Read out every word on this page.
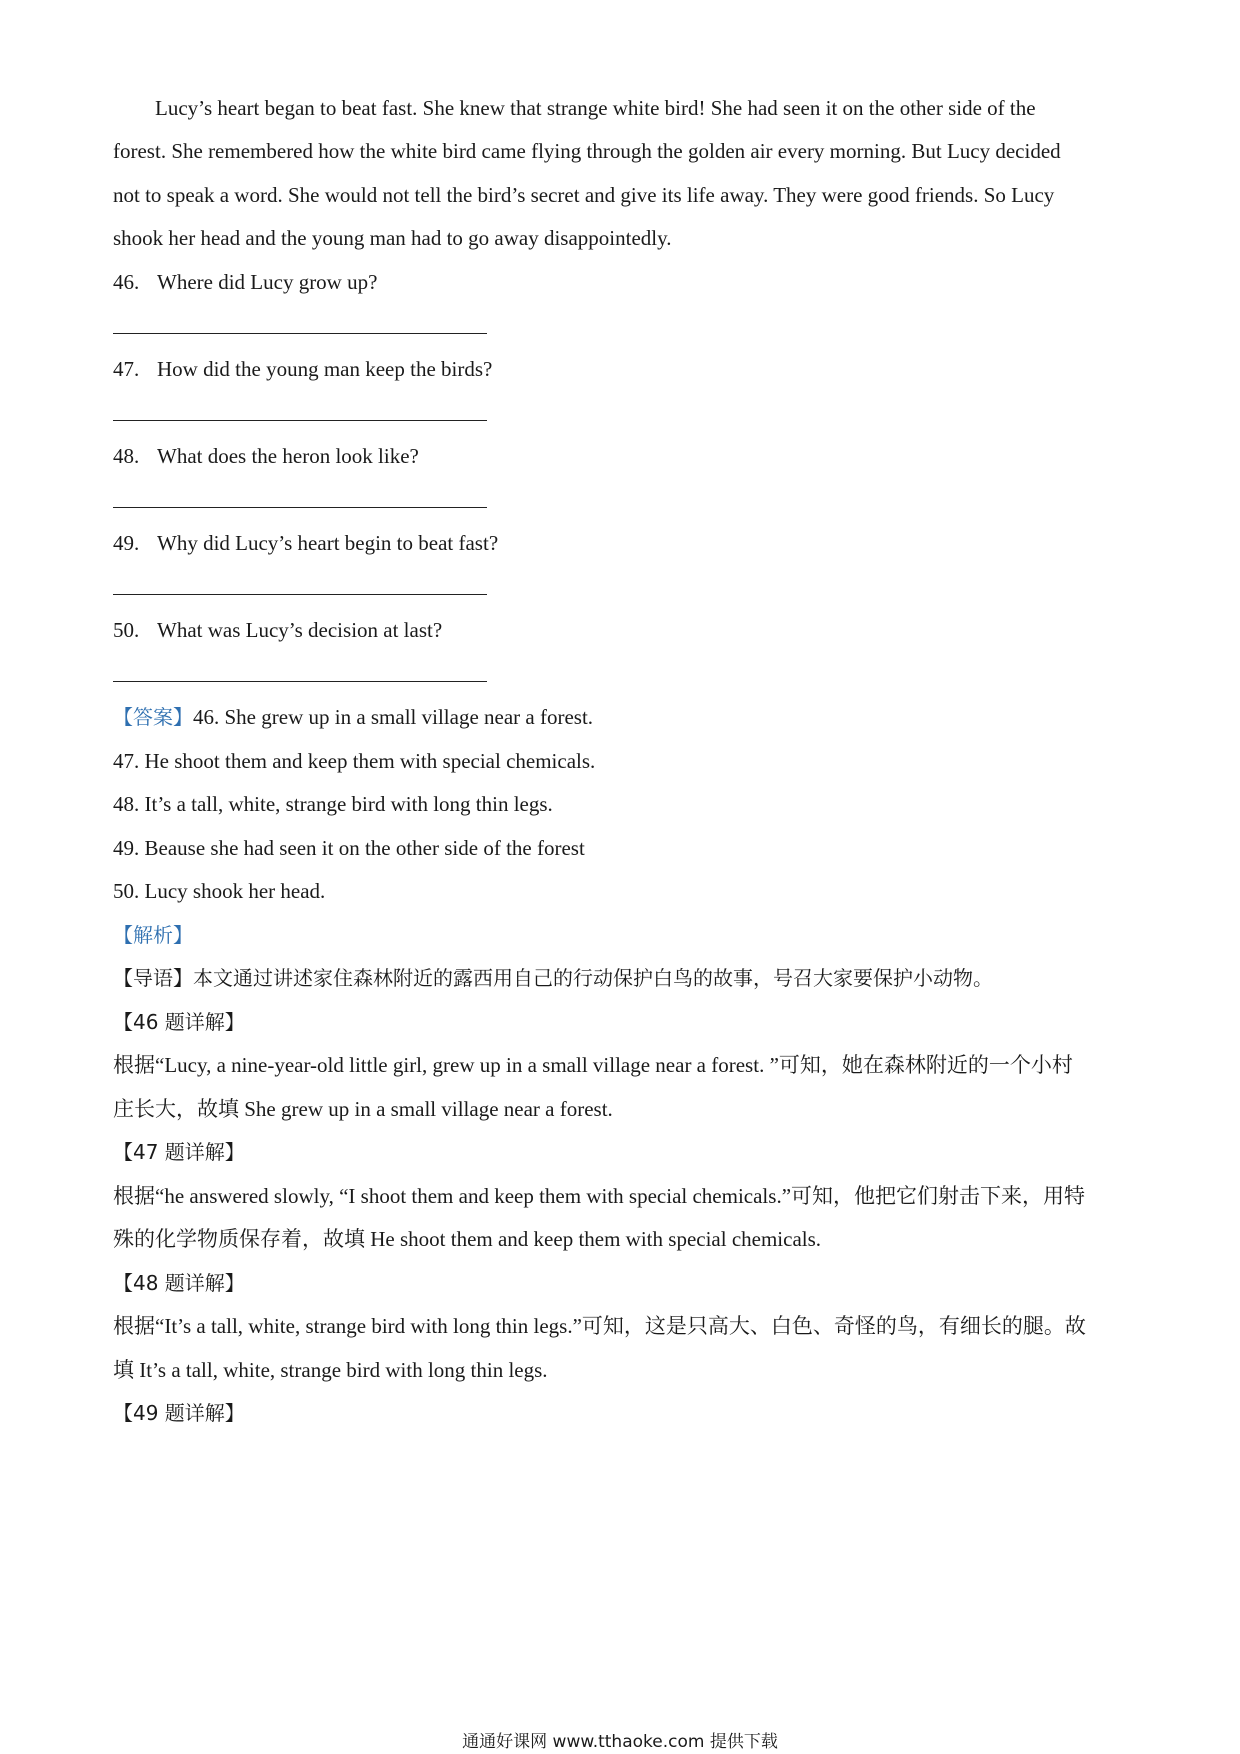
Lucy’s heart began to beat fast. She knew that strange white bird! She had seen it on the other side of the
forest. She remembered how the white bird came flying through the golden air every morning. But Lucy decided
not to speak a word. She would not tell the bird’s secret and give its life away. They were good friends. So Lucy
shook her head and the young man had to go away disappointedly.
46. Where did Lucy grow up?
47. How did the young man keep the birds?
48. What does the heron look like?
49. Why did Lucy’s heart begin to beat fast?
50. What was Lucy’s decision at last?
【答案】46. She grew up in a small village near a forest.
47. He shoot them and keep them with special chemicals.
48. It’s a tall, white, strange bird with long thin legs.
49. Beause she had seen it on the other side of the forest
50. Lucy shook her head.
【解析】
【导语】本文通过讲述家住森林附近的露西用自己的行动保护白鸟的故事，号召大家要保护小动物。
【46 题详解】
根据“Lucy, a nine-year-old little girl, grew up in a small village near a forest. ”可知，她在森林附近的一个小村
庄长大，故填 She grew up in a small village near a forest.
【47 题详解】
根据“he answered slowly, “I shoot them and keep them with special chemicals.”可知，他把它们射击下来，用特
殊的化学物质保存着，故填 He shoot them and keep them with special chemicals.
【48 题详解】
根据“It’s a tall, white, strange bird with long thin legs.”可知，这是只高大、白色、奇怪的鸟，有细长的腿。故
填 It’s a tall, white, strange bird with long thin legs.
【49 题详解】
通通好课网 www.tthaoke.com 提供下载
